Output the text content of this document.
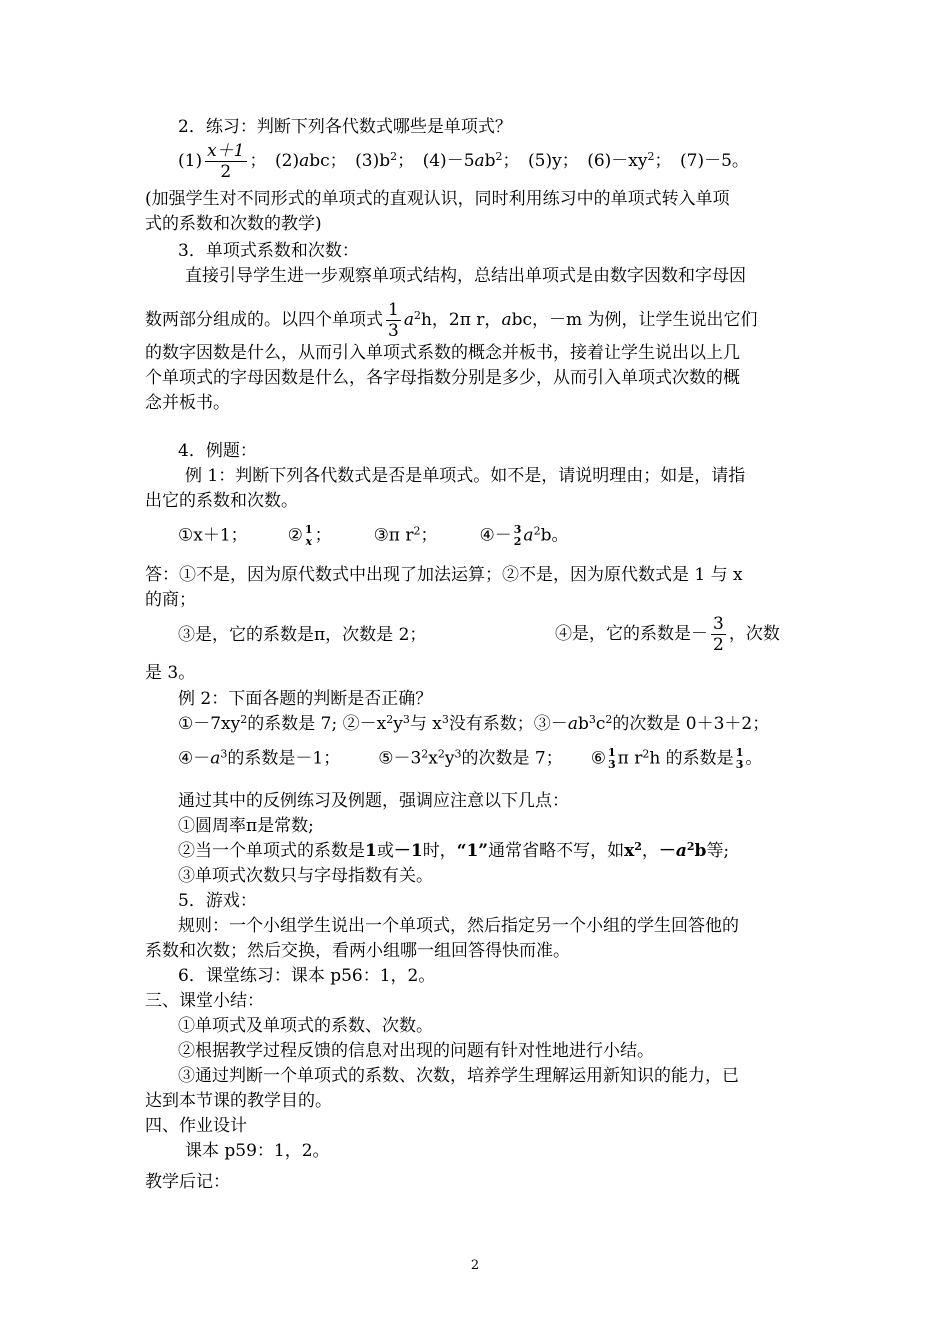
2．练习：判断下列各代数式哪些是单项式？
$(1) \frac{x+1}{2}$ ；　(2)abc；　$(3)b^2$；　$(4)-5ab^2$；　(5)y；　$(6)-xy^2$；　(7)－5。
(加强学生对不同形式的单项式的直观认识，同时利用练习中的单项式转入单项
式的系数和次数的教学)
3．单项式系数和次数：
直接引导学生进一步观察单项式结构，总结出单项式是由数字因数和字母因
数两部分组成的。以四个单项式 $\frac{1}{3} a^2h$，2π r，abc，－m 为例，让学生说出它们
的数字因数是什么，从而引入单项式系数的概念并板书，接着让学生说出以上几
个单项式的字母因数是什么，各字母指数分别是多少，从而引入单项式次数的概
念并板书。
4．例题：
例 1：判断下列各代数式是否是单项式。如不是，请说明理由；如是，请指
出它的系数和次数。
①x＋1； ② 1
x ； ③π $r^2$； ④－ 3
2 $a^2b$。
答：①不是，因为原代数式中出现了加法运算；②不是，因为原代数式是 1 与 x
的商；
③是，它的系数是π，次数是 2；	④是，它的系数是－ $\frac{3}{2}$ ，次数
是 3。
例 2：下面各题的判断是否正确？
$①-7xy^2$的系数是 7; $②-x^2y^3$与 $x^3$没有系数；$③-ab^3c^2$的次数是 0＋3＋2；
$④-a^3$的系数是－1； $⑤-3^2x^2y^3$的次数是 7； ⑥ 1
3 π $r^2h$ 的系数是 1
3 。
通过其中的反例练习及例题，强调应注意以下几点：
①圆周率π是常数;
②当一个单项式的系数是1或－1时，“1”通常省略不写，如$x^2$，$-a^2b$等;
③单项式次数只与字母指数有关。
5．游戏：
规则：一个小组学生说出一个单项式，然后指定另一个小组的学生回答他的
系数和次数；然后交换，看两小组哪一组回答得快而准。
6．课堂练习：课本 p56：1，2。
三、课堂小结：
①单项式及单项式的系数、次数。
②根据教学过程反馈的信息对出现的问题有针对性地进行小结。
③通过判断一个单项式的系数、次数，培养学生理解运用新知识的能力，已
达到本节课的教学目的。
四、作业设计
课本 p59：1，2。
教学后记：
2
